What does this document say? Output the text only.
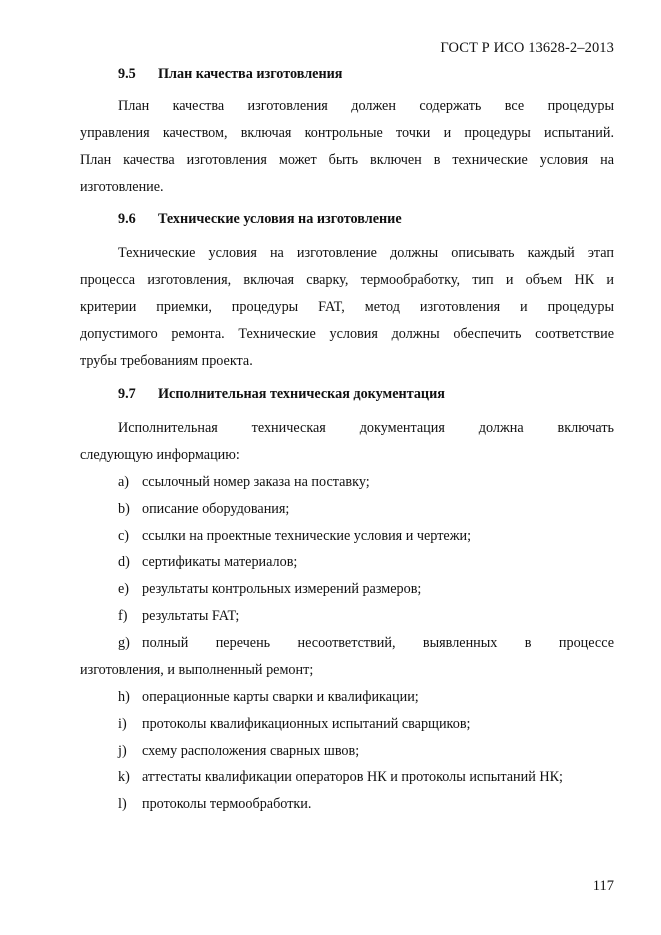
ГОСТ Р ИСО 13628-2–2013
9.5 План качества изготовления
План качества изготовления должен содержать все процедуры
управления качеством, включая контрольные точки и процедуры испытаний.
План качества изготовления может быть включен в технические условия на
изготовление.
9.6 Технические условия на изготовление
Технические условия на изготовление должны описывать каждый этап
процесса изготовления, включая сварку, термообработку, тип и объем НК и
критерии приемки, процедуры FAT, метод изготовления и процедуры
допустимого ремонта. Технические условия должны обеспечить соответствие
трубы требованиям проекта.
9.7 Исполнительная техническая документация
Исполнительная техническая документация должна включать
следующую информацию:
a) ссылочный номер заказа на поставку;
b) описание оборудования;
c) ссылки на проектные технические условия и чертежи;
d) сертификаты материалов;
e) результаты контрольных измерений размеров;
f) результаты FAT;
g) полный перечень несоответствий, выявленных в процессе
изготовления, и выполненный ремонт;
h) операционные карты сварки и квалификации;
i) протоколы квалификационных испытаний сварщиков;
j) схему расположения сварных швов;
k) аттестаты квалификации операторов НК и протоколы испытаний НК;
l) протоколы термообработки.
117
